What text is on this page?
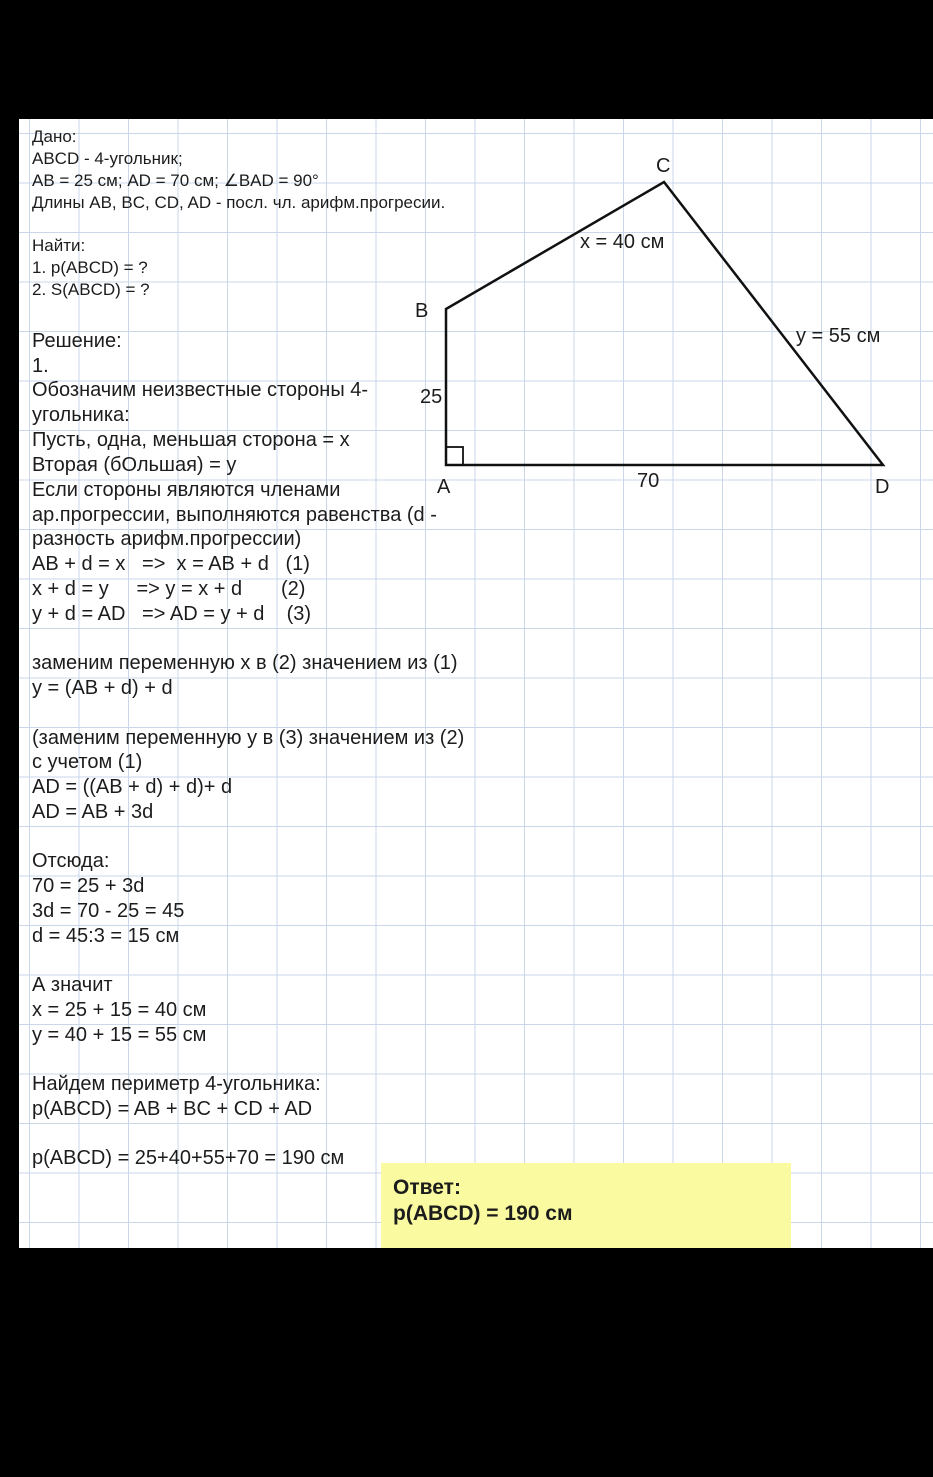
Дано:
ABCD - 4-угольник;
AB = 25 см; AD = 70 см; ∠BAD = 90°
Длины AB, BC, CD, AD - посл. чл. арифм.прогресии.
Найти:
1. p(ABCD) = ?
2. S(ABCD) = ?
Решение:
1.
Обозначим неизвестные стороны 4-
угольника:
Пусть, одна, меньшая сторона = x
Вторая (бОльшая) = y
Если стороны являются членами
ар.прогрессии, выполняются равенства (d -
разность арифм.прогрессии)
AB + d = x   =>  x = AB + d   (1)
x + d = y     => y = x + d       (2)
y + d = AD   => AD = y + d    (3)
заменим переменную x в (2) значением из (1)
y = (AB + d) + d
(заменим переменную y в (3) значением из (2)
с учетом (1)
AD = ((AB + d) + d)+ d
AD = AB + 3d
Отсюда:
70 = 25 + 3d
3d = 70 - 25 = 45
d = 45:3 = 15 см
А значит
x = 25 + 15 = 40 см
y = 40 + 15 = 55 см
Найдем периметр 4-угольника:
p(ABCD) = AB + BC + CD + AD
p(ABCD) = 25+40+55+70 = 190 см
A
B
C
D
25
70
x = 40 см
y = 55 см
Ответ:
p(ABCD) = 190 см
